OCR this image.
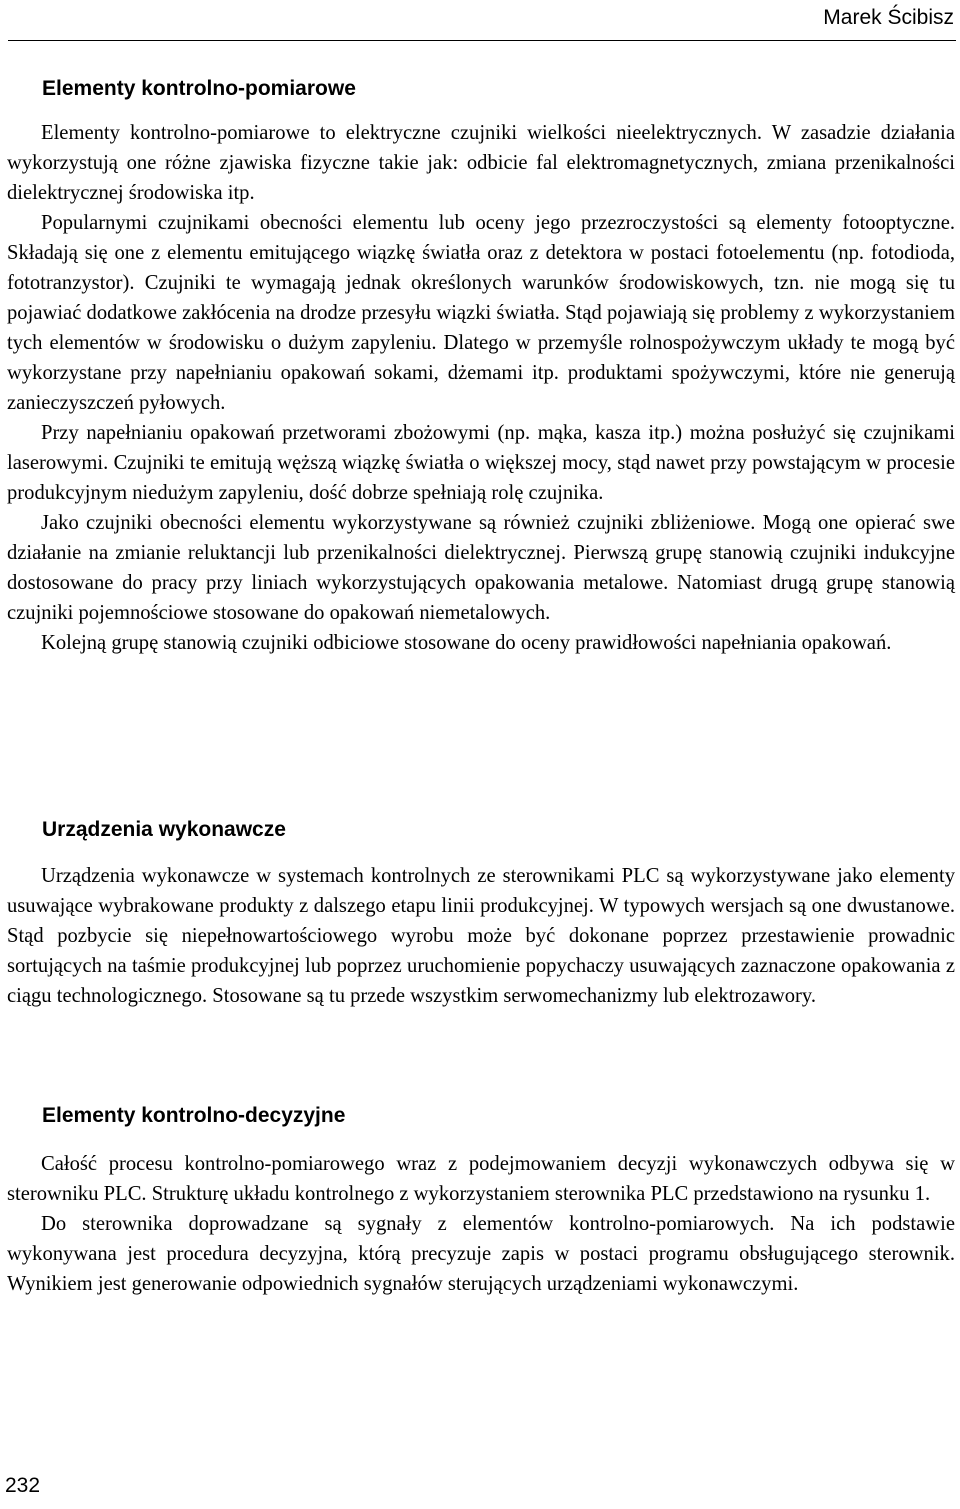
Marek Ścibisz
Elementy kontrolno-pomiarowe

Elementy kontrolno-pomiarowe to elektryczne czujniki wielkości nieelektrycznych. W zasadzie działania wykorzystują one różne zjawiska fizyczne takie jak: odbicie fal elektromagnetycznych, zmiana przenikalności dielektrycznej środowiska itp.

Popularnymi czujnikami obecności elementu lub oceny jego przezroczystości są elementy fotooptyczne. Składają się one z elementu emitującego wiązkę światła oraz z detektora w postaci fotoelementu (np. fotodioda, fototranzystor). Czujniki te wymagają jednak określonych warunków środowiskowych, tzn. nie mogą się tu pojawiać dodatkowe zakłócenia na drodze przesyłu wiązki światła. Stąd pojawiają się problemy z wykorzystaniem tych elementów w środowisku o dużym zapyleniu. Dlatego w przemyśle rolnospożywczym układy te mogą być wykorzystane przy napełnianiu opakowań sokami, dżemami itp. produktami spożywczymi, które nie generują zanieczyszczeń pyłowych.

Przy napełnianiu opakowań przetworami zbożowymi (np. mąka, kasza itp.) można posłużyć się czujnikami laserowymi. Czujniki te emitują węższą wiązkę światła o większej mocy, stąd nawet przy powstającym w procesie produkcyjnym niedużym zapyleniu, dość dobrze spełniają rolę czujnika.

Jako czujniki obecności elementu wykorzystywane są również czujniki zbliżeniowe. Mogą one opierać swe działanie na zmianie reluktancji lub przenikalności dielektrycznej. Pierwszą grupę stanowią czujniki indukcyjne dostosowane do pracy przy liniach wykorzystujących opakowania metalowe. Natomiast drugą grupę stanowią czujniki pojemnościowe stosowane do opakowań niemetalowych.

Kolejną grupę stanowią czujniki odbiciowe stosowane do oceny prawidłowości napełniania opakowań.

Urządzenia wykonawcze

Urządzenia wykonawcze w systemach kontrolnych ze sterownikami PLC są wykorzystywane jako elementy usuwające wybrakowane produkty z dalszego etapu linii produkcyjnej. W typowych wersjach są one dwustanowe. Stąd pozbycie się niepełnowartościowego wyrobu może być dokonane poprzez przestawienie prowadnic sortujących na taśmie produkcyjnej lub poprzez uruchomienie popychaczy usuwających zaznaczone opakowania z ciągu technologicznego. Stosowane są tu przede wszystkim serwomechanizmy lub elektrozawory.

Elementy kontrolno-decyzyjne

Całość procesu kontrolno-pomiarowego wraz z podejmowaniem decyzji wykonawczych odbywa się w sterowniku PLC. Strukturę układu kontrolnego z wykorzystaniem sterownika PLC przedstawiono na rysunku 1.

Do sterownika doprowadzane są sygnały z elementów kontrolno-pomiarowych. Na ich podstawie wykonywana jest procedura decyzyjna, którą precyzuje zapis w postaci programu obsługującego sterownik. Wynikiem jest generowanie odpowiednich sygnałów sterujących urządzeniami wykonawczymi.

232
